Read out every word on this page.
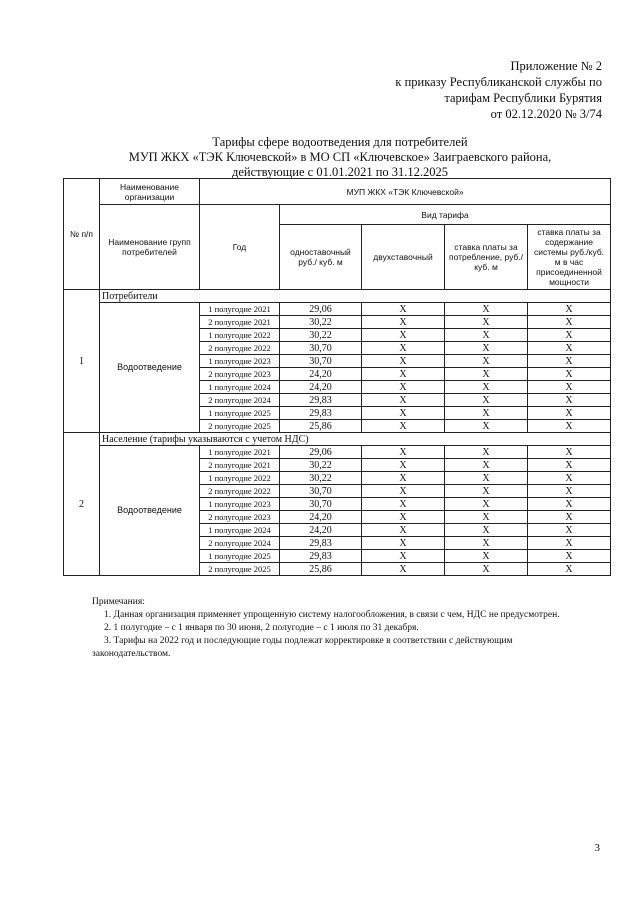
Приложение № 2
к приказу Республиканской службы по
тарифам Республики Бурятия
от 02.12.2020 № 3/74
Тарифы сфере водоотведения для потребителей
МУП ЖКХ «ТЭК Ключевской» в МО СП «Ключевское» Заиграевского района,
действующие с 01.01.2021 по 31.12.2025
№ п/п	Наименование организации	МУП ЖКХ «ТЭК Ключевской»				
	Наименование групп потребителей	Год	Вид тарифа			
			одноставочный руб./ куб. м	двухставочный	ставка платы за потребление, руб./ куб. м	ставка платы за содержание системы руб./куб. м в час присоединенной мощности
1	Потребители					
	Водоотведение	1 полугодие 2021	29,06	X	X	X
		2 полугодие 2021	30,22	X	X	X
		1 полугодие 2022	30,22	X	X	X
		2 полугодие 2022	30,70	X	X	X
		1 полугодие 2023	30,70	X	X	X
		2 полугодие 2023	24,20	X	X	X
		1 полугодие 2024	24,20	X	X	X
		2 полугодие 2024	29,83	X	X	X
		1 полугодие 2025	29,83	X	X	X
		2 полугодие 2025	25,86	X	X	X
2	Население (тарифы указываются с учетом НДС)					
	Водоотведение	1 полугодие 2021	29,06	X	X	X
		2 полугодие 2021	30,22	X	X	X
		1 полугодие 2022	30,22	X	X	X
		2 полугодие 2022	30,70	X	X	X
		1 полугодие 2023	30,70	X	X	X
		2 полугодие 2023	24,20	X	X	X
		1 полугодие 2024	24,20	X	X	X
		2 полугодие 2024	29,83	X	X	X
		1 полугодие 2025	29,83	X	X	X
		2 полугодие 2025	25,86	X	X	X
Примечания:
1. Данная организация применяет упрощенную систему налогообложения, в связи с чем, НДС не предусмотрен.
2. 1 полугодие – с 1 января по 30 июня, 2 полугодие – с 1 июля по 31 декабря.
3. Тарифы на 2022 год и последующие годы подлежат корректировке в соответствии с действующим законодательством.
3
